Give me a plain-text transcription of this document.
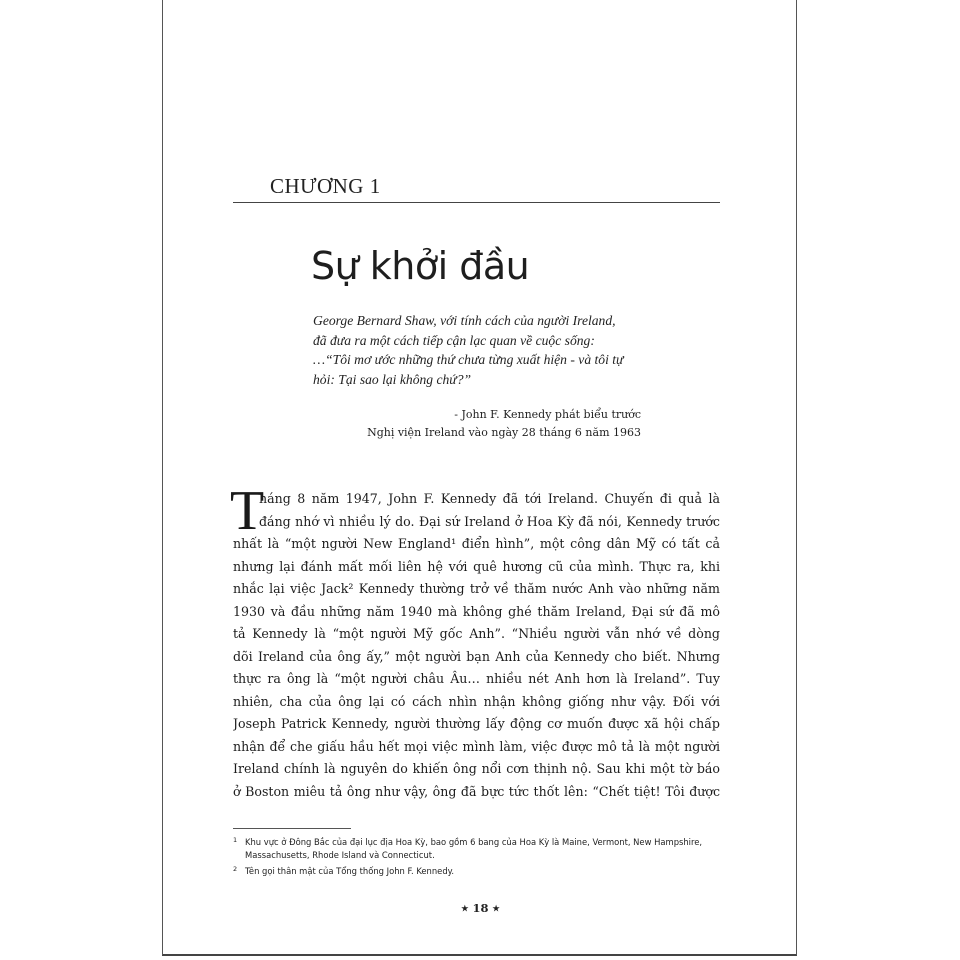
CHƯƠNG 1
Sự khởi đầu
George Bernard Shaw, với tính cách của người Ireland,
đã đưa ra một cách tiếp cận lạc quan về cuộc sống:
…“Tôi mơ ước những thứ chưa từng xuất hiện - và tôi tự
hỏi: Tại sao lại không chứ?”
- John F. Kennedy phát biểu trước
Nghị viện Ireland vào ngày 28 tháng 6 năm 1963
T
háng 8 năm 1947, John F. Kennedy đã tới Ireland. Chuyến đi quả là
đáng nhớ vì nhiều lý do. Đại sứ Ireland ở Hoa Kỳ đã nói, Kennedy trước
nhất là “một người New England¹ điển hình”, một công dân Mỹ có tất cả
nhưng lại đánh mất mối liên hệ với quê hương cũ của mình. Thực ra, khi
nhắc lại việc Jack² Kennedy thường trở về thăm nước Anh vào những năm
1930 và đầu những năm 1940 mà không ghé thăm Ireland, Đại sứ đã mô
tả Kennedy là “một người Mỹ gốc Anh”. “Nhiều người vẫn nhớ về dòng
dõi Ireland của ông ấy,” một người bạn Anh của Kennedy cho biết. Nhưng
thực ra ông là “một người châu Âu… nhiều nét Anh hơn là Ireland”. Tuy
nhiên, cha của ông lại có cách nhìn nhận không giống như vậy. Đối với
Joseph Patrick Kennedy, người thường lấy động cơ muốn được xã hội chấp
nhận để che giấu hầu hết mọi việc mình làm, việc được mô tả là một người
Ireland chính là nguyên do khiến ông nổi cơn thịnh nộ. Sau khi một tờ báo
ở Boston miêu tả ông như vậy, ông đã bực tức thốt lên: “Chết tiệt! Tôi được
1 Khu vực ở Đông Bắc của đại lục địa Hoa Kỳ, bao gồm 6 bang của Hoa Kỳ là Maine, Vermont, New Hampshire,
Massachusetts, Rhode Island và Connecticut.
2 Tên gọi thân mật của Tổng thống John F. Kennedy.
★ 18 ★
